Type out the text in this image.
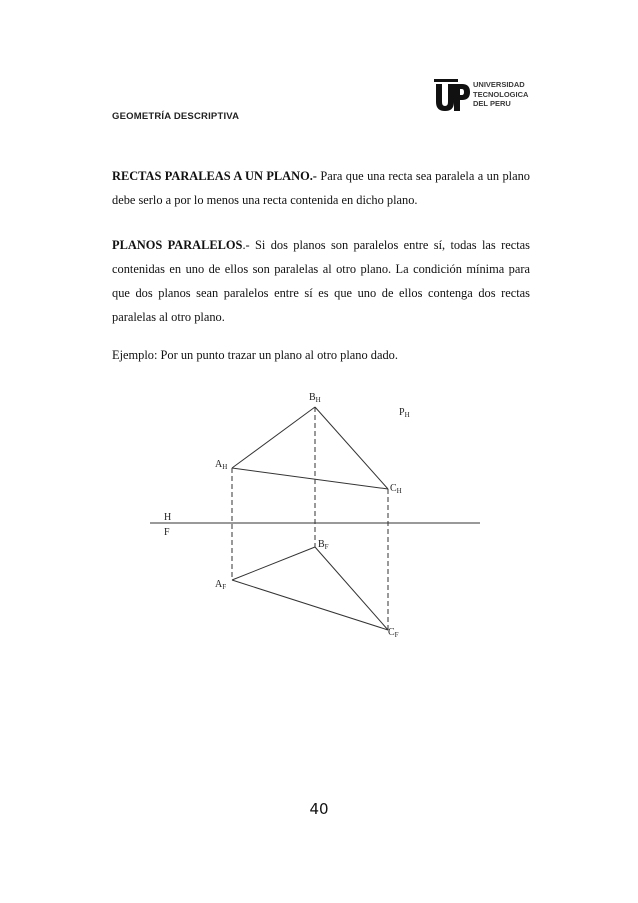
GEOMETRÍA DESCRIPTIVA
UNIVERSIDAD
TECNOLOGICA
DEL PERU
RECTAS PARALEAS A UN PLANO.- Para que una recta sea paralela a un plano debe serlo a por lo menos una recta contenida en dicho plano.
PLANOS PARALELOS.- Si dos planos son paralelos entre sí, todas las rectas contenidas en uno de ellos son paralelas al otro plano. La condición mínima para que dos planos sean paralelos entre sí es que uno de ellos contenga dos rectas paralelas al otro plano.
Ejemplo: Por un punto trazar un plano al otro plano dado.
$B_H$
$P_H$
$A_H$
$C_H$
H
F
$B_F$
$A_F$
$C_F$
40
